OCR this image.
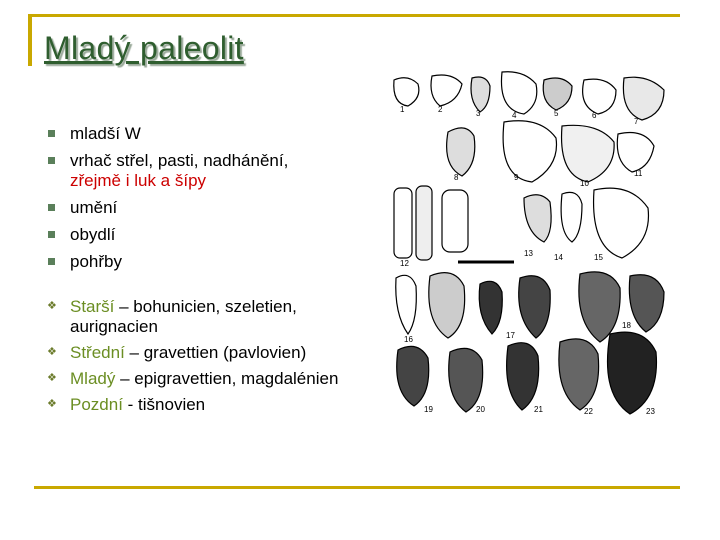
Mladý paleolit
mladší W
vrhač střel, pasti, nadhánění,
zřejmě i luk a šípy
umění
obydlí
pohřby
❖ Starší – bohunicien, szeletien, aurignacien
❖ Střední – gravettien (pavlovien)
❖ Mladý – epigravettien, magdalénien
❖ Pozdní - tišnovien
1	2	3	4	5	6
7
8	9
10
11
12
13	14	15
16	17
18
19	20	21	22	23
